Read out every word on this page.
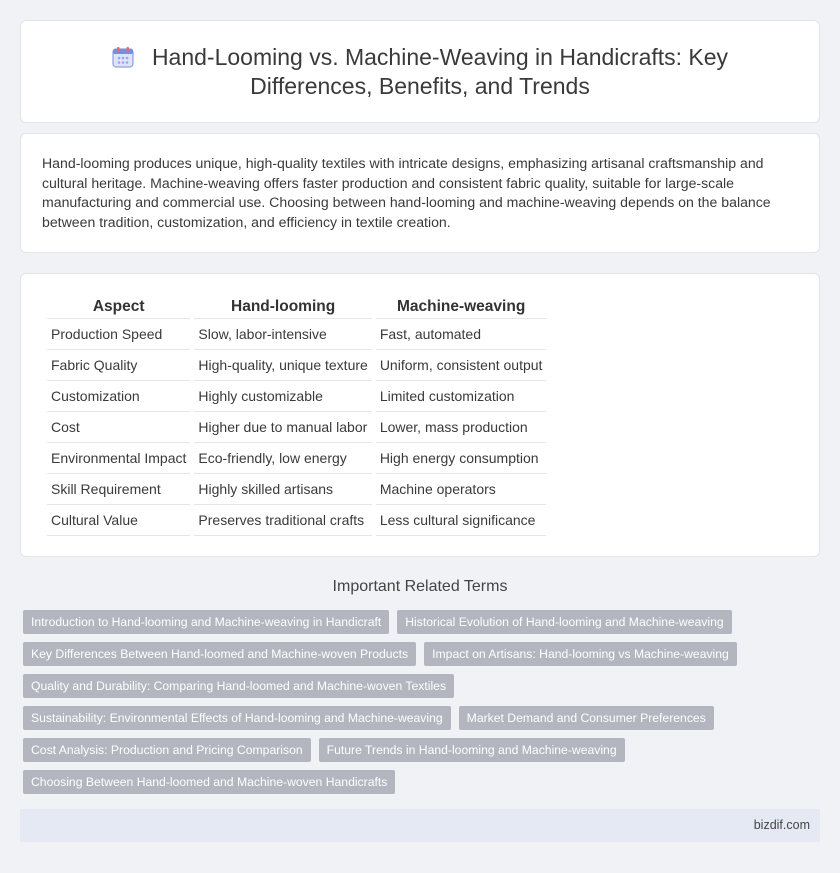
Hand-Looming vs. Machine-Weaving in Handicrafts: Key Differences, Benefits, and Trends

Hand-looming produces unique, high-quality textiles with intricate designs, emphasizing artisanal craftsmanship and cultural heritage. Machine-weaving offers faster production and consistent fabric quality, suitable for large-scale manufacturing and commercial use. Choosing between hand-looming and machine-weaving depends on the balance between tradition, customization, and efficiency in textile creation.

Aspect	Hand-looming	Machine-weaving
Production Speed	Slow, labor-intensive	Fast, automated
Fabric Quality	High-quality, unique texture	Uniform, consistent output
Customization	Highly customizable	Limited customization
Cost	Higher due to manual labor	Lower, mass production
Environmental Impact	Eco-friendly, low energy	High energy consumption
Skill Requirement	Highly skilled artisans	Machine operators
Cultural Value	Preserves traditional crafts	Less cultural significance
Important Related Terms
Introduction to Hand-looming and Machine-weaving in Handicraft	Historical Evolution of Hand-looming and Machine-weaving
Key Differences Between Hand-loomed and Machine-woven Products	Impact on Artisans: Hand-looming vs Machine-weaving
Quality and Durability: Comparing Hand-loomed and Machine-woven Textiles
Sustainability: Environmental Effects of Hand-looming and Machine-weaving	Market Demand and Consumer Preferences
Cost Analysis: Production and Pricing Comparison	Future Trends in Hand-looming and Machine-weaving
Choosing Between Hand-loomed and Machine-woven Handicrafts
bizdif.com
